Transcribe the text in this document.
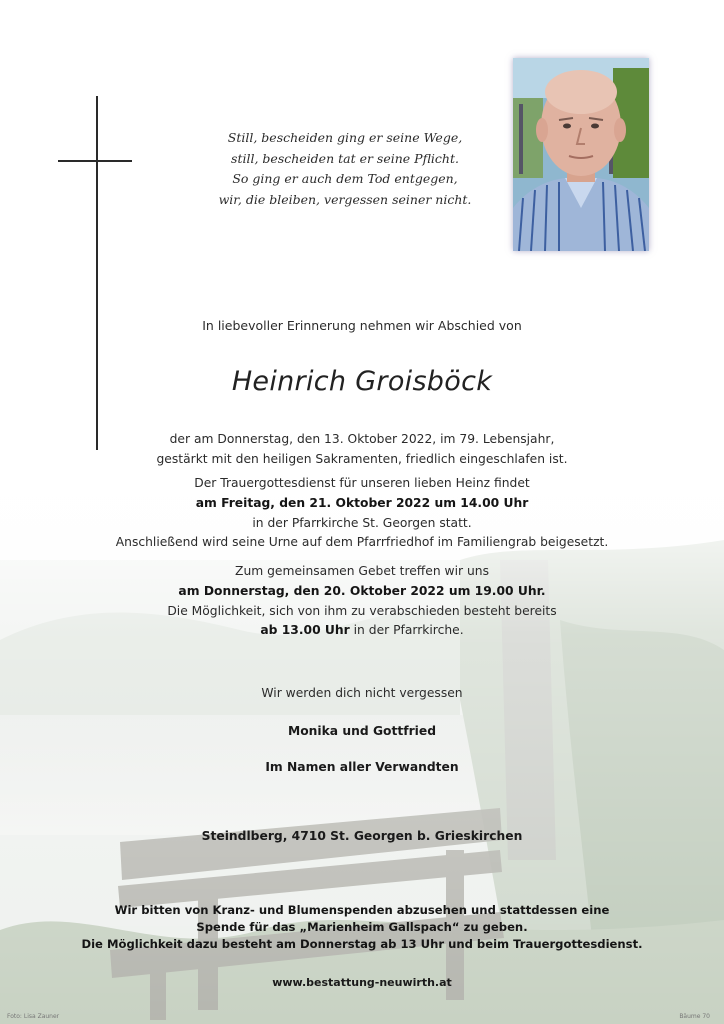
Still, bescheiden ging er seine Wege,
still, bescheiden tat er seine Pflicht.
So ging er auch dem Tod entgegen,
wir, die bleiben, vergessen seiner nicht.
In liebevoller Erinnerung nehmen wir Abschied von
Heinrich Groisböck
der am Donnerstag, den 13. Oktober 2022, im 79. Lebensjahr,
gestärkt mit den heiligen Sakramenten, friedlich eingeschlafen ist.
Der Trauergottesdienst für unseren lieben Heinz findet
am Freitag, den 21. Oktober 2022 um 14.00 Uhr
in der Pfarrkirche St. Georgen statt.
Anschließend wird seine Urne auf dem Pfarrfriedhof im Familiengrab beigesetzt.
Zum gemeinsamen Gebet treffen wir uns
am Donnerstag, den 20. Oktober 2022 um 19.00 Uhr.
Die Möglichkeit, sich von ihm zu verabschieden besteht bereits
ab 13.00 Uhr in der Pfarrkirche.
Wir werden dich nicht vergessen
Monika und Gottfried
Im Namen aller Verwandten
Steindlberg, 4710 St. Georgen b. Grieskirchen
Wir bitten von Kranz- und Blumenspenden abzusehen und stattdessen eine
Spende für das „Marienheim Gallspach“ zu geben.
Die Möglichkeit dazu besteht am Donnerstag ab 13 Uhr und beim Trauergottesdienst.
www.bestattung-neuwirth.at
Foto: Lisa Zauner	Bäume 70
